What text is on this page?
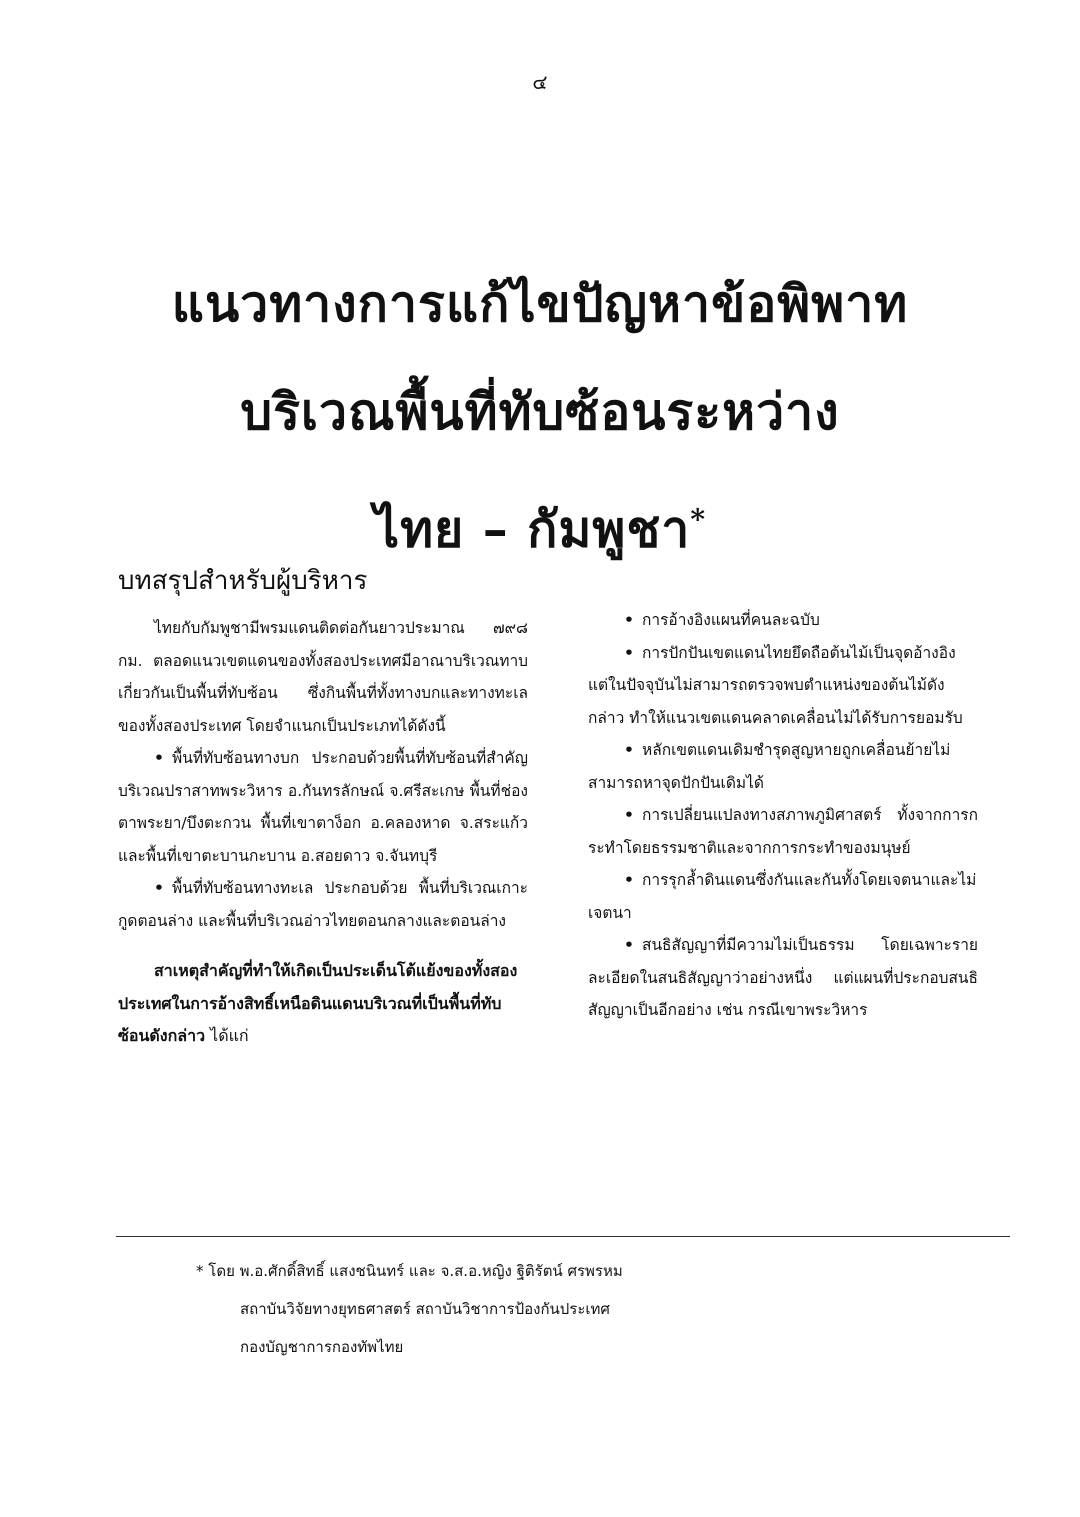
๔
แนวทางการแก้ไขปัญหาข้อพิพาท
บริเวณพื้นที่ทับซ้อนระหว่าง
ไทย – กัมพูชา*
บทสรุปสำหรับผู้บริหาร

ไทยกับกัมพูชามีพรมแดนติดต่อกันยาวประมาณ ๗๙๘ กม. ตลอดแนวเขตแดนของทั้งสองประเทศมีอาณาบริเวณทาบเกี่ยวกันเป็นพื้นที่ทับซ้อน ซึ่งกินพื้นที่ทั้งทางบกและทางทะเลของทั้งสองประเทศ โดยจำแนกเป็นประเภทได้ดังนี้

• พื้นที่ทับซ้อนทางบก ประกอบด้วยพื้นที่ทับซ้อนที่สำคัญบริเวณปราสาทพระวิหาร อ.กันทรลักษณ์ จ.ศรีสะเกษ พื้นที่ช่องตาพระยา/บึงตะกวน พื้นที่เขาตาง็อก อ.คลองหาด จ.สระแก้ว และพื้นที่เขาตะบานกะบาน อ.สอยดาว จ.จันทบุรี

• พื้นที่ทับซ้อนทางทะเล ประกอบด้วย พื้นที่บริเวณเกาะกูดตอนล่าง และพื้นที่บริเวณอ่าวไทยตอนกลางและตอนล่าง

สาเหตุสำคัญที่ทำให้เกิดเป็นประเด็นโต้แย้งของทั้งสองประเทศในการอ้างสิทธิ์เหนือดินแดนบริเวณที่เป็นพื้นที่ทับซ้อนดังกล่าว ได้แก่

• การอ้างอิงแผนที่คนละฉบับ

• การปักปันเขตแดนไทยยึดถือต้นไม้เป็นจุดอ้างอิง แต่ในปัจจุบันไม่สามารถตรวจพบตำแหน่งของต้นไม้ดังกล่าว ทำให้แนวเขตแดนคลาดเคลื่อนไม่ได้รับการยอมรับ

• หลักเขตแดนเดิมชำรุดสูญหายถูกเคลื่อนย้ายไม่สามารถหาจุดปักปันเดิมได้

• การเปลี่ยนแปลงทางสภาพภูมิศาสตร์ ทั้งจากการกระทำโดยธรรมชาติและจากการกระทำของมนุษย์

• การรุกล้ำดินแดนซึ่งกันและกันทั้งโดยเจตนาและไม่เจตนา

• สนธิสัญญาที่มีความไม่เป็นธรรม โดยเฉพาะรายละเอียดในสนธิสัญญาว่าอย่างหนึ่ง แต่แผนที่ประกอบสนธิสัญญาเป็นอีกอย่าง เช่น กรณีเขาพระวิหาร

* โดย พ.อ.ศักดิ์สิทธิ์ แสงชนินทร์ และ จ.ส.อ.หญิง ฐิติรัตน์ ศรพรหม
สถาบันวิจัยทางยุทธศาสตร์ สถาบันวิชาการป้องกันประเทศ
กองบัญชาการกองทัพไทย
